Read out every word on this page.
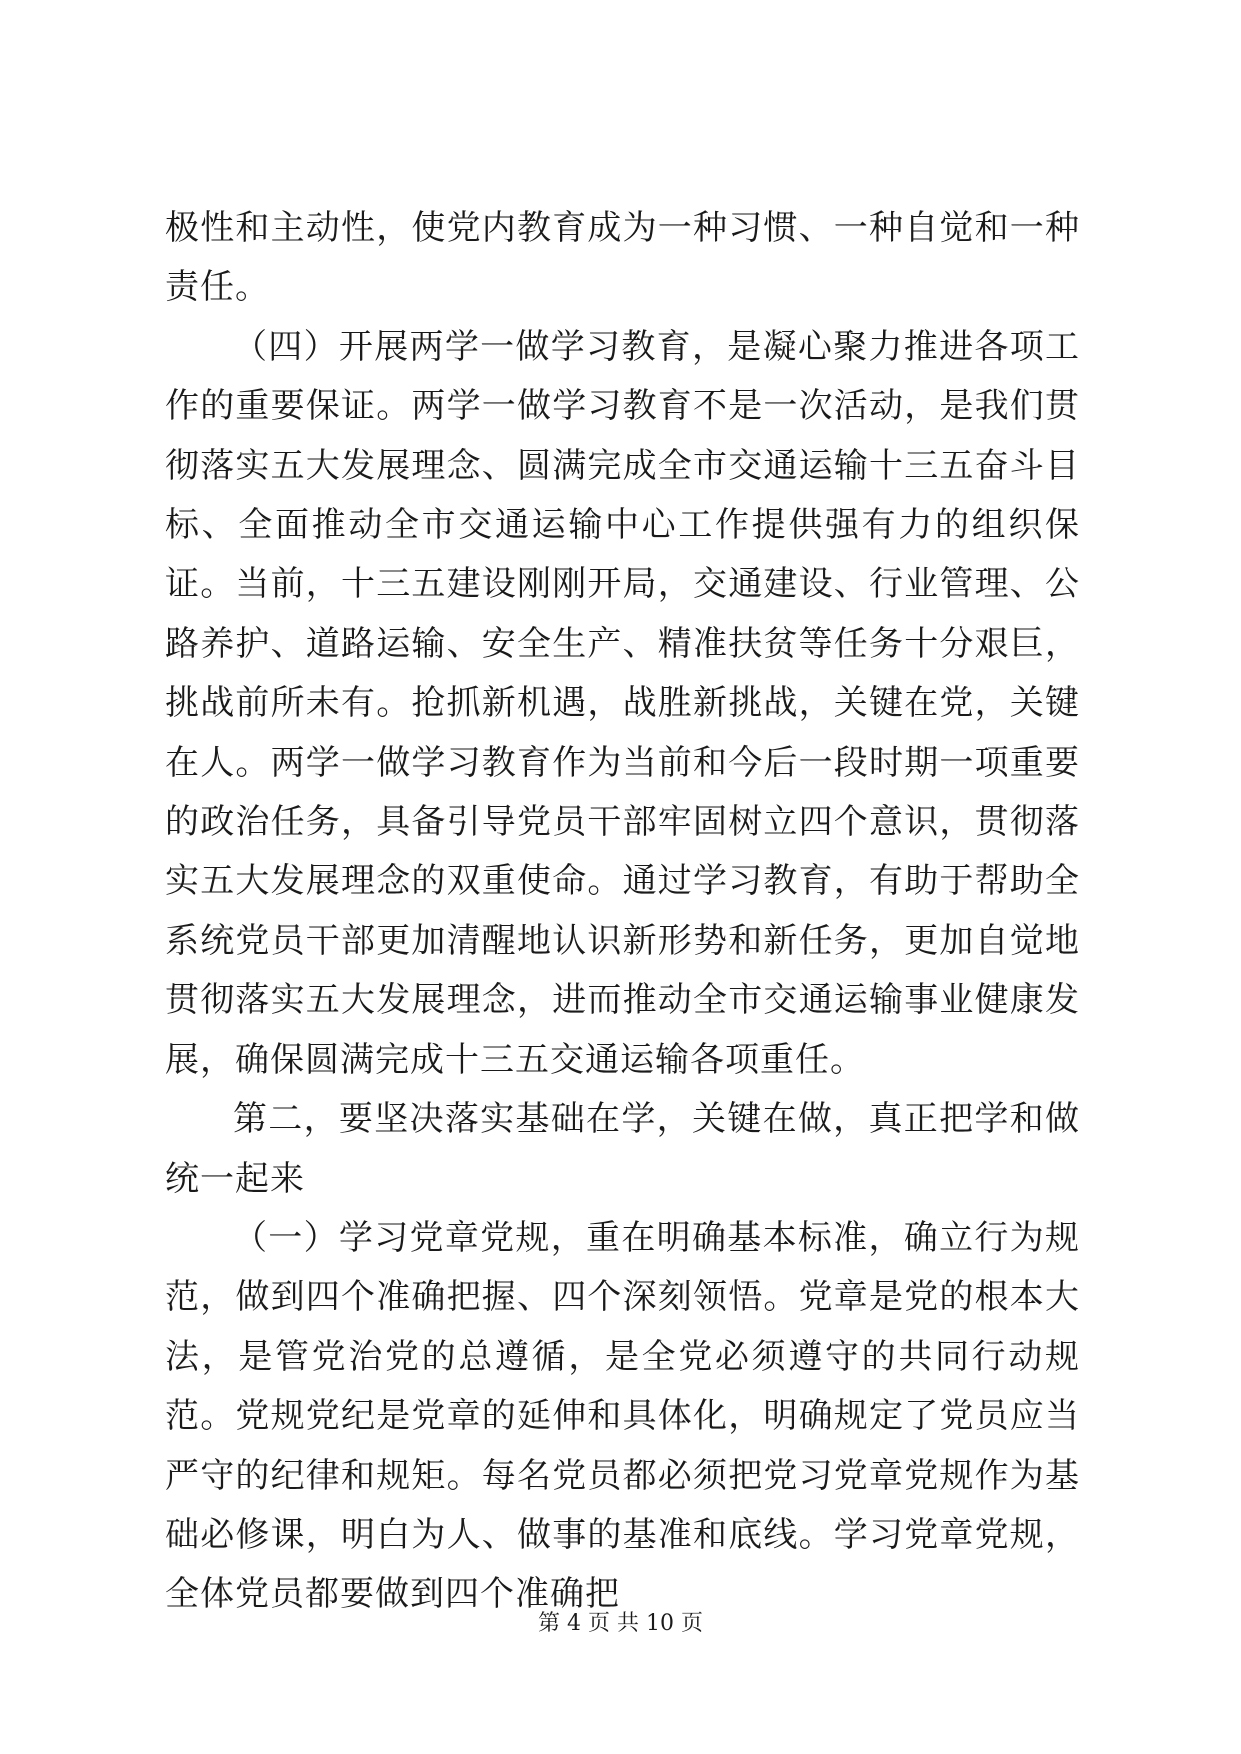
极性和主动性，使党内教育成为一种习惯、一种自觉和一种责任。

（四）开展两学一做学习教育，是凝心聚力推进各项工作的重要保证。两学一做学习教育不是一次活动，是我们贯彻落实五大发展理念、圆满完成全市交通运输十三五奋斗目标、全面推动全市交通运输中心工作提供强有力的组织保证。当前，十三五建设刚刚开局，交通建设、行业管理、公路养护、道路运输、安全生产、精准扶贫等任务十分艰巨，挑战前所未有。抢抓新机遇，战胜新挑战，关键在党，关键在人。两学一做学习教育作为当前和今后一段时期一项重要的政治任务，具备引导党员干部牢固树立四个意识，贯彻落实五大发展理念的双重使命。通过学习教育，有助于帮助全系统党员干部更加清醒地认识新形势和新任务，更加自觉地贯彻落实五大发展理念，进而推动全市交通运输事业健康发展，确保圆满完成十三五交通运输各项重任。

第二，要坚决落实基础在学，关键在做，真正把学和做统一起来

（一）学习党章党规，重在明确基本标准，确立行为规范，做到四个准确把握、四个深刻领悟。党章是党的根本大法，是管党治党的总遵循，是全党必须遵守的共同行动规范。党规党纪是党章的延伸和具体化，明确规定了党员应当严守的纪律和规矩。每名党员都必须把党习党章党规作为基础必修课，明白为人、做事的基准和底线。学习党章党规，全体党员都要做到四个准确把

第 4 页 共 10 页
